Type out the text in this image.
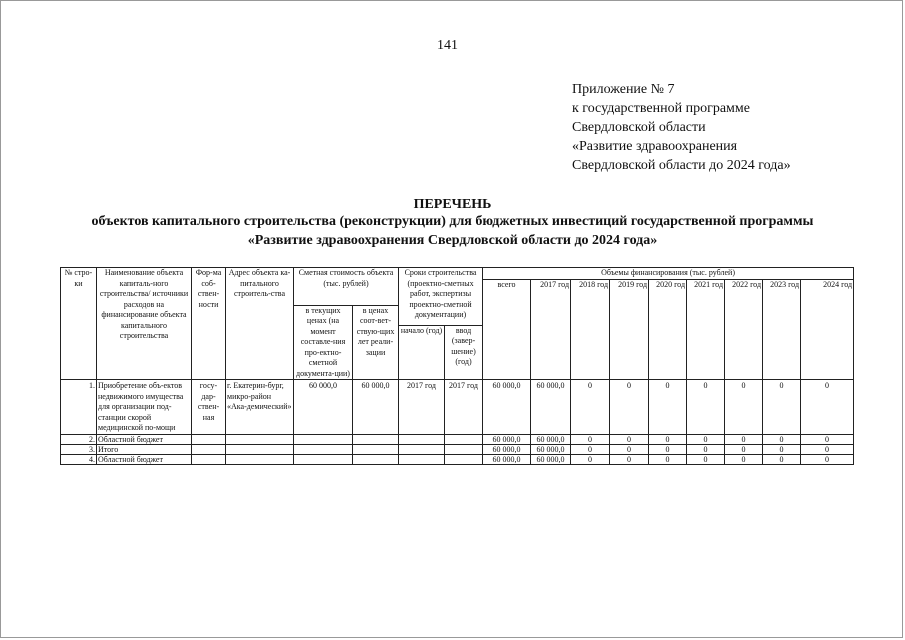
141
Приложение № 7
к государственной программе
Свердловской области
«Развитие здравоохранения
Свердловской области до 2024 года»
ПЕРЕЧЕНЬ
объектов капитального строительства (реконструкции) для бюджетных инвестиций государственной программы
«Развитие здравоохранения Свердловской области до 2024 года»
№ стро-ки	Наименование объекта капиталь-ного строительства/ источники расходов на финансирование объекта капитального строительства	Фор-ма соб-ствен-ности	Адрес объекта ка-питального строитель-ства	Сметная стоимость объекта (тыс. рублей)		Сроки строительства (проектно-сметных работ, экспертизы проектно-сметной документации)		Объемы финансирования (тыс. рублей)								
								всего	2017 год	2018 год	2019 год	2020 год	2021 год	2022 год	2023 год	2024 год
				в текущих ценах (на момент составле-ния про-ектно-сметной документа-ции)	в ценах соот-вет-ствую-щих лет реали-зации											
						начало (год)	ввод (завер-шение) (год)									
1.	Приобретение объ-ектов недвижимого имущества для организации под-станции скорой медицинской по-мощи	госу-дар-ствен-ная	г. Екатерин-бург, микро-район «Ака-демический»	60 000,0	60 000,0	2017 год	2017 год	60 000,0	60 000,0	0	0	0	0	0	0	0
2.	Областной бюджет							60 000,0	60 000,0	0	0	0	0	0	0	0
3.	Итого							60 000,0	60 000,0	0	0	0	0	0	0	0
4.	Областной бюджет							60 000,0	60 000,0	0	0	0	0	0	0	0
